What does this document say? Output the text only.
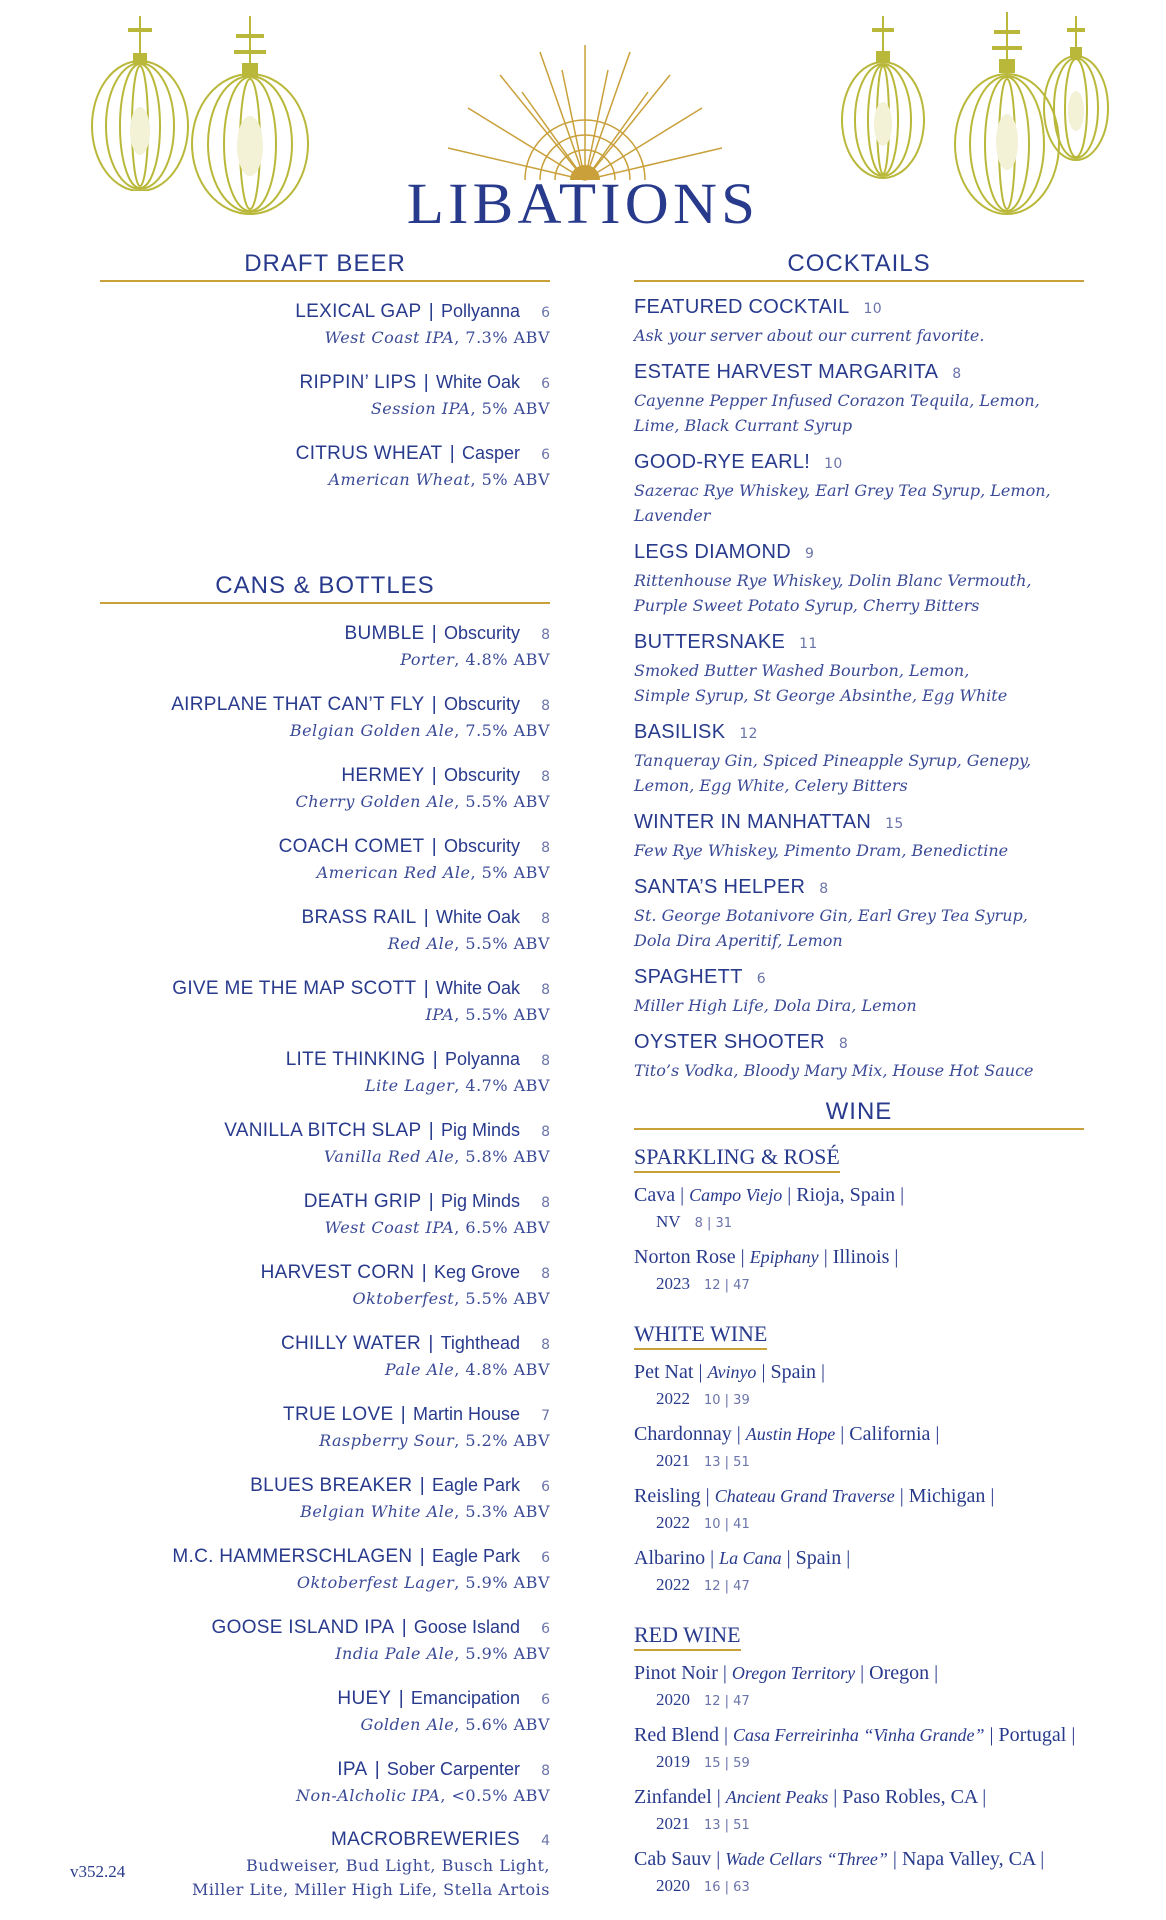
LIBATIONS
DRAFT BEER
LEXICAL GAP | Pollyanna 6
West Coast IPA, 7.3% ABV
RIPPIN’ LIPS | White Oak 6
Session IPA, 5% ABV
CITRUS WHEAT | Casper 6
American Wheat, 5% ABV
CANS & BOTTLES
BUMBLE | Obscurity 8
Porter, 4.8% ABV
AIRPLANE THAT CAN’T FLY | Obscurity 8
Belgian Golden Ale, 7.5% ABV
HERMEY | Obscurity 8
Cherry Golden Ale, 5.5% ABV
COACH COMET | Obscurity 8
American Red Ale, 5% ABV
BRASS RAIL | White Oak 8
Red Ale, 5.5% ABV
GIVE ME THE MAP SCOTT | White Oak 8
IPA, 5.5% ABV
LITE THINKING | Polyanna 8
Lite Lager, 4.7% ABV
VANILLA BITCH SLAP | Pig Minds 8
Vanilla Red Ale, 5.8% ABV
DEATH GRIP | Pig Minds 8
West Coast IPA, 6.5% ABV
HARVEST CORN | Keg Grove 8
Oktoberfest, 5.5% ABV
CHILLY WATER | Tighthead 8
Pale Ale, 4.8% ABV
TRUE LOVE | Martin House 7
Raspberry Sour, 5.2% ABV
BLUES BREAKER | Eagle Park 6
Belgian White Ale, 5.3% ABV
M.C. HAMMERSCHLAGEN | Eagle Park 6
Oktoberfest Lager, 5.9% ABV
GOOSE ISLAND IPA | Goose Island 6
India Pale Ale, 5.9% ABV
HUEY | Emancipation 6
Golden Ale, 5.6% ABV
IPA | Sober Carpenter 8
Non-Alcholic IPA, <0.5% ABV
MACROBREWERIES 4
Budweiser, Bud Light, Busch Light,
Miller Lite, Miller High Life, Stella Artois
COCKTAILS
FEATURED COCKTAIL 10
Ask your server about our current favorite.
ESTATE HARVEST MARGARITA 8
Cayenne Pepper Infused Corazon Tequila, Lemon,
Lime, Black Currant Syrup
GOOD-RYE EARL! 10
Sazerac Rye Whiskey, Earl Grey Tea Syrup, Lemon,
Lavender
LEGS DIAMOND 9
Rittenhouse Rye Whiskey, Dolin Blanc Vermouth,
Purple Sweet Potato Syrup, Cherry Bitters
BUTTERSNAKE 11
Smoked Butter Washed Bourbon, Lemon,
Simple Syrup, St George Absinthe, Egg White
BASILISK 12
Tanqueray Gin, Spiced Pineapple Syrup, Genepy,
Lemon, Egg White, Celery Bitters
WINTER IN MANHATTAN 15
Few Rye Whiskey, Pimento Dram, Benedictine
SANTA’S HELPER 8
St. George Botanivore Gin, Earl Grey Tea Syrup,
Dola Dira Aperitif, Lemon
SPAGHETT 6
Miller High Life, Dola Dira, Lemon
OYSTER SHOOTER 8
Tito’s Vodka, Bloody Mary Mix, House Hot Sauce
WINE
SPARKLING & ROSÉ
Cava | Campo Viejo | Rioja, Spain |
NV 8 | 31
Norton Rose | Epiphany | Illinois |
2023 12 | 47
WHITE WINE
Pet Nat | Avinyo | Spain |
2022 10 | 39
Chardonnay | Austin Hope | California |
2021 13 | 51
Reisling | Chateau Grand Traverse | Michigan |
2022 10 | 41
Albarino | La Cana | Spain |
2022 12 | 47
RED WINE
Pinot Noir | Oregon Territory | Oregon |
2020 12 | 47
Red Blend | Casa Ferreirinha “Vinha Grande” | Portugal |
2019 15 | 59
Zinfandel | Ancient Peaks | Paso Robles, CA |
2021 13 | 51
Cab Sauv | Wade Cellars “Three” | Napa Valley, CA |
2020 16 | 63
v352.24
